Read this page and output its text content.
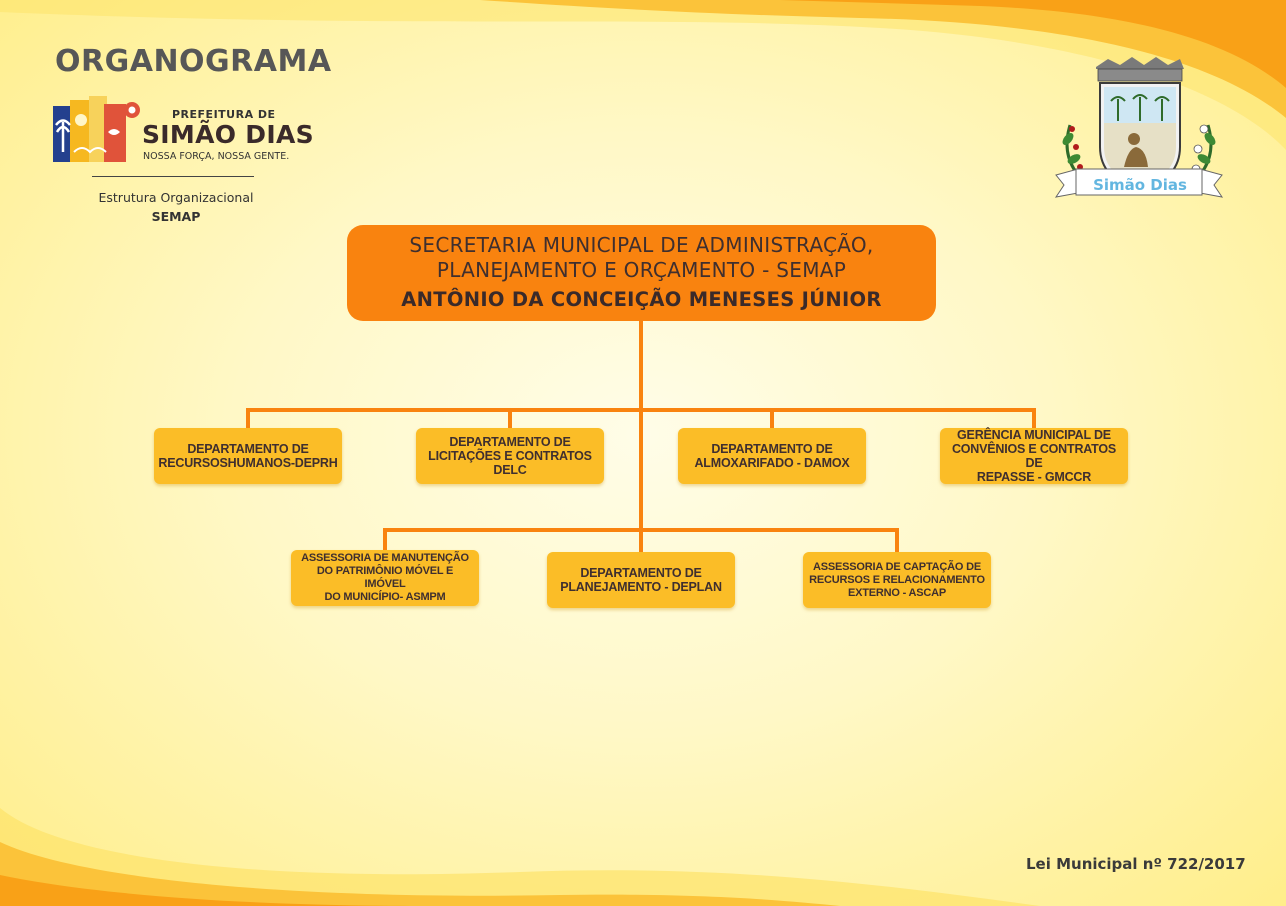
ORGANOGRAMA
PREFEITURA DE
SIMÃO DIAS
NOSSA FORÇA, NOSSA GENTE.
Estrutura Organizacional
SEMAP
Simão Dias
SECRETARIA MUNICIPAL DE ADMINISTRAÇÃO,
PLANEJAMENTO E ORÇAMENTO - SEMAP
ANTÔNIO DA CONCEIÇÃO MENESES JÚNIOR
DEPARTAMENTO DE
RECURSOSHUMANOS-DEPRH
DEPARTAMENTO DE
LICITAÇÕES E CONTRATOS
DELC
DEPARTAMENTO DE
ALMOXARIFADO - DAMOX
GERÊNCIA MUNICIPAL DE
CONVÊNIOS E CONTRATOS DE
REPASSE - GMCCR
ASSESSORIA DE MANUTENÇÃO
DO PATRIMÔNIO MÓVEL E IMÓVEL
DO MUNICÍPIO- ASMPM
DEPARTAMENTO DE
PLANEJAMENTO - DEPLAN
ASSESSORIA DE CAPTAÇÃO DE
RECURSOS E RELACIONAMENTO
EXTERNO - ASCAP

Lei Municipal nº 722/2017
